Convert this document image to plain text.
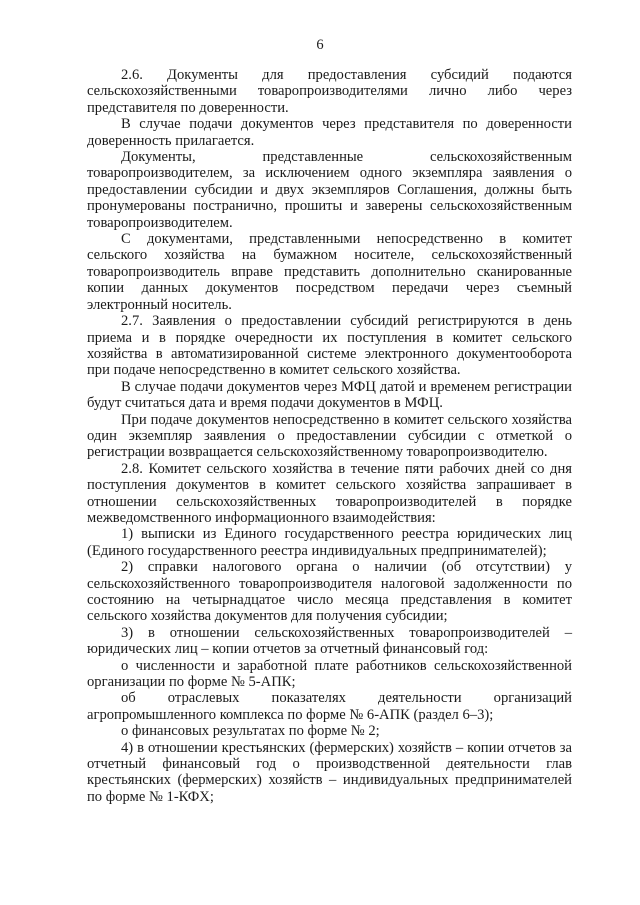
6

2.6. Документы для предоставления субсидий подаются сельскохозяйственными товаропроизводителями лично либо через представителя по доверенности.

В случае подачи документов через представителя по доверенности доверенность прилагается.

Документы, представленные сельскохозяйственным товаропроизводителем, за исключением одного экземпляра заявления о предоставлении субсидии и двух экземпляров Соглашения, должны быть пронумерованы постранично, прошиты и заверены сельскохозяйственным товаропроизводителем.

С документами, представленными непосредственно в комитет сельского хозяйства на бумажном носителе, сельскохозяйственный товаропроизводитель вправе представить дополнительно сканированные копии данных документов посредством передачи через съемный электронный носитель.

2.7. Заявления о предоставлении субсидий регистрируются в день приема и в порядке очередности их поступления в комитет сельского хозяйства в автоматизированной системе электронного документооборота при подаче непосредственно в комитет сельского хозяйства.

В случае подачи документов через МФЦ датой и временем регистрации будут считаться дата и время подачи документов в МФЦ.

При подаче документов непосредственно в комитет сельского хозяйства один экземпляр заявления о предоставлении субсидии с отметкой о регистрации возвращается сельскохозяйственному товаропроизводителю.

2.8. Комитет сельского хозяйства в течение пяти рабочих дней со дня поступления документов в комитет сельского хозяйства запрашивает в отношении сельскохозяйственных товаропроизводителей в порядке межведомственного информационного взаимодействия:

1) выписки из Единого государственного реестра юридических лиц (Единого государственного реестра индивидуальных предпринимателей);

2) справки налогового органа о наличии (об отсутствии) у сельскохозяйственного товаропроизводителя налоговой задолженности по состоянию на четырнадцатое число месяца представления в комитет сельского хозяйства документов для получения субсидии;

3) в отношении сельскохозяйственных товаропроизводителей – юридических лиц – копии отчетов за отчетный финансовый год:

о численности и заработной плате работников сельскохозяйственной организации по форме № 5-АПК;

об отраслевых показателях деятельности организаций агропромышленного комплекса по форме № 6-АПК (раздел 6–3);

о финансовых результатах по форме № 2;

4) в отношении крестьянских (фермерских) хозяйств – копии отчетов за отчетный финансовый год о производственной деятельности глав крестьянских (фермерских) хозяйств – индивидуальных предпринимателей по форме № 1-КФХ;
